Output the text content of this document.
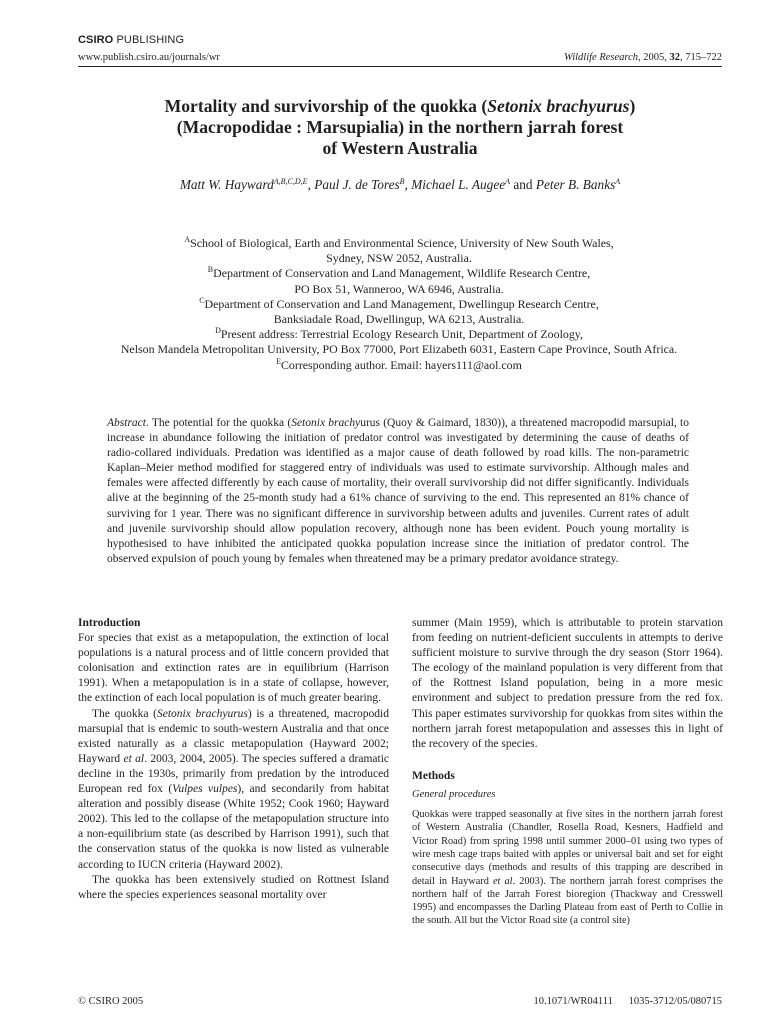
CSIRO PUBLISHING
www.publish.csiro.au/journals/wr	Wildlife Research, 2005, 32, 715–722
Mortality and survivorship of the quokka (Setonix brachyurus)
(Macropodidae : Marsupialia) in the northern jarrah forest
of Western Australia
Matt W. Hayward$^{A,B,C,D,E}$, Paul J. de Tores$^B$, Michael L. Augee$^A$ and Peter B. Banks$^A$
$^A$School of Biological, Earth and Environmental Science, University of New South Wales,
Sydney, NSW 2052, Australia.
$^B$Department of Conservation and Land Management, Wildlife Research Centre,
PO Box 51, Wanneroo, WA 6946, Australia.
$^C$Department of Conservation and Land Management, Dwellingup Research Centre,
Banksiadale Road, Dwellingup, WA 6213, Australia.
$^D$Present address: Terrestrial Ecology Research Unit, Department of Zoology,
Nelson Mandela Metropolitan University, PO Box 77000, Port Elizabeth 6031, Eastern Cape Province, South Africa.
$^E$Corresponding author. Email: hayers111@aol.com
Abstract. The potential for the quokka (Setonix brachyurus (Quoy & Gaimard, 1830)), a threatened macropodid marsupial, to increase in abundance following the initiation of predator control was investigated by determining the cause of deaths of radio-collared individuals. Predation was identified as a major cause of death followed by road kills. The non-parametric Kaplan–Meier method modified for staggered entry of individuals was used to estimate survivorship. Although males and females were affected differently by each cause of mortality, their overall survivorship did not differ significantly. Individuals alive at the beginning of the 25-month study had a 61% chance of surviving to the end. This represented an 81% chance of surviving for 1 year. There was no significant difference in survivorship between adults and juveniles. Current rates of adult and juvenile survivorship should allow population recovery, although none has been evident. Pouch young mortality is hypothesised to have inhibited the anticipated quokka population increase since the initiation of predator control. The observed expulsion of pouch young by females when threatened may be a primary predator avoidance strategy.
Introduction

For species that exist as a metapopulation, the extinction of local populations is a natural process and of little concern provided that colonisation and extinction rates are in equilibrium (Harrison 1991). When a metapopulation is in a state of collapse, however, the extinction of each local population is of much greater bearing.

The quokka (Setonix brachyurus) is a threatened, macropodid marsupial that is endemic to south-western Australia and that once existed naturally as a classic metapopulation (Hayward 2002; Hayward et al. 2003, 2004, 2005). The species suffered a dramatic decline in the 1930s, primarily from predation by the introduced European red fox (Vulpes vulpes), and secondarily from habitat alteration and possibly disease (White 1952; Cook 1960; Hayward 2002). This led to the collapse of the metapopulation structure into a non-equilibrium state (as described by Harrison 1991), such that the conservation status of the quokka is now listed as vulnerable according to IUCN criteria (Hayward 2002).

The quokka has been extensively studied on Rottnest Island where the species experiences seasonal mortality over

summer (Main 1959), which is attributable to protein starvation from feeding on nutrient-deficient succulents in attempts to derive sufficient moisture to survive through the dry season (Storr 1964). The ecology of the mainland population is very different from that of the Rottnest Island population, being in a more mesic environment and subject to predation pressure from the red fox. This paper estimates survivorship for quokkas from sites within the northern jarrah forest metapopulation and assesses this in light of the recovery of the species.

Methods
General procedures

Quokkas were trapped seasonally at five sites in the northern jarrah forest of Western Australia (Chandler, Rosella Road, Kesners, Hadfield and Victor Road) from spring 1998 until summer 2000–01 using two types of wire mesh cage traps baited with apples or universal bait and set for eight consecutive days (methods and results of this trapping are described in detail in Hayward et al. 2003). The northern jarrah forest comprises the northern half of the Jarrah Forest bioregion (Thackway and Cresswell 1995) and encompasses the Darling Plateau from east of Perth to Collie in the south. All but the Victor Road site (a control site)

© CSIRO 2005	10.1071/WR04111 1035-3712/05/080715
